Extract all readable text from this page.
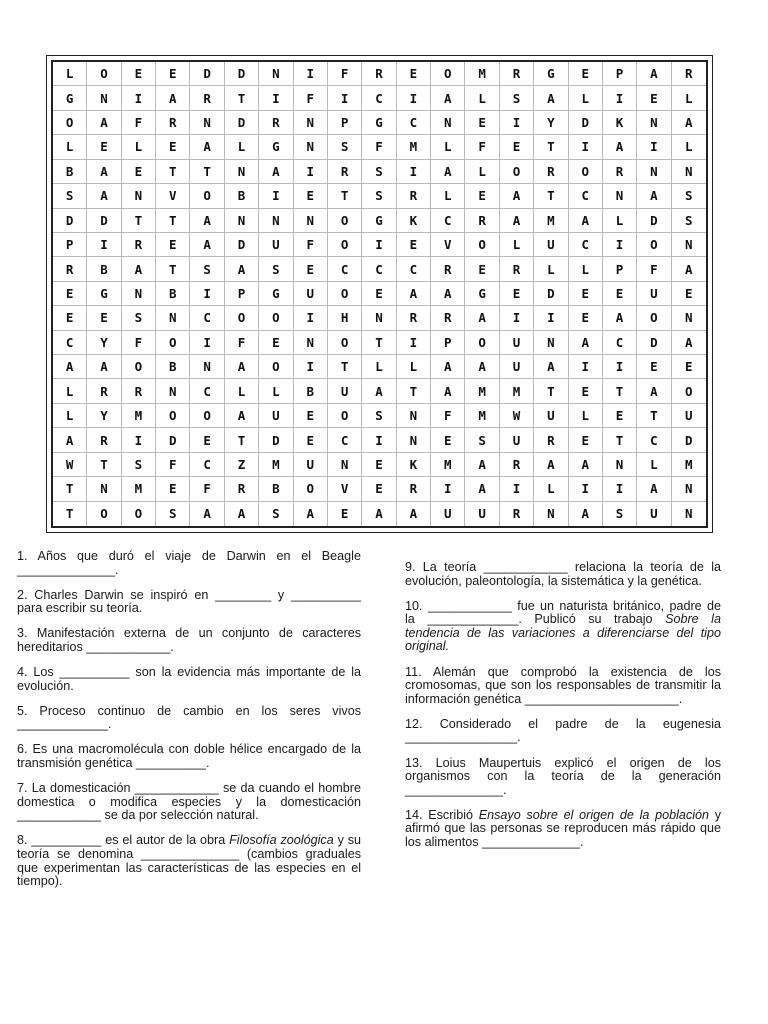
L	O	E	E	D	D	N	I	F	R	E	O	M	R	G	E	P	A	R
G	N	I	A	R	T	I	F	I	C	I	A	L	S	A	L	I	E	L
O	A	F	R	N	D	R	N	P	G	C	N	E	I	Y	D	K	N	A
L	E	L	E	A	L	G	N	S	F	M	L	F	E	T	I	A	I	L
B	A	E	T	T	N	A	I	R	S	I	A	L	O	R	O	R	N	N
S	A	N	V	O	B	I	E	T	S	R	L	E	A	T	C	N	A	S
D	D	T	T	A	N	N	N	O	G	K	C	R	A	M	A	L	D	S
P	I	R	E	A	D	U	F	O	I	E	V	O	L	U	C	I	O	N
R	B	A	T	S	A	S	E	C	C	C	R	E	R	L	L	P	F	A
E	G	N	B	I	P	G	U	O	E	A	A	G	E	D	E	E	U	E
E	E	S	N	C	O	O	I	H	N	R	R	A	I	I	E	A	O	N
C	Y	F	O	I	F	E	N	O	T	I	P	O	U	N	A	C	D	A
A	A	O	B	N	A	O	I	T	L	L	A	A	U	A	I	I	E	E
L	R	R	N	C	L	L	B	U	A	T	A	M	M	T	E	T	A	O
L	Y	M	O	O	A	U	E	O	S	N	F	M	W	U	L	E	T	U
A	R	I	D	E	T	D	E	C	I	N	E	S	U	R	E	T	C	D
W	T	S	F	C	Z	M	U	N	E	K	M	A	R	A	A	N	L	M
T	N	M	E	F	R	B	O	V	E	R	I	A	I	L	I	I	A	N
T	O	O	S	A	A	S	A	E	A	A	U	U	R	N	A	S	U	N

1. Años que duró el viaje de Darwin en el Beagle ______________.

2. Charles Darwin se inspiró en ________ y __________ para escribir su teoría.

3. Manifestación externa de un conjunto de caracteres hereditarios ____________.

4. Los __________ son la evidencia más importante de la evolución.

5. Proceso continuo de cambio en los seres vivos _____________.

6. Es una macromolécula con doble hélice encargado de la transmisión genética __________.

7. La domesticación ____________ se da cuando el hombre domestica o modifica especies y la domesticación ____________ se da por selección natural.

8. __________ es el autor de la obra Filosofía zoológica y su teoría se denomina ______________ (cambios graduales que experimentan las características de las especies en el tiempo).

9. La teoría ____________ relaciona la teoría de la evolución, paleontología, la sistemática y la genética.

10. ____________ fue un naturista británico, padre de la _____________. Publicó su trabajo Sobre la tendencia de las variaciones a diferenciarse del tipo original.

11. Alemán que comprobó la existencia de los cromosomas, que son los responsables de transmitir la información genética ______________________.

12. Considerado el padre de la eugenesia ________________.

13. Loius Maupertuis explicó el origen de los organismos con la teoría de la generación ______________.

14. Escribió Ensayo sobre el origen de la población y afirmó que las personas se reproducen más rápido que los alimentos ______________.
